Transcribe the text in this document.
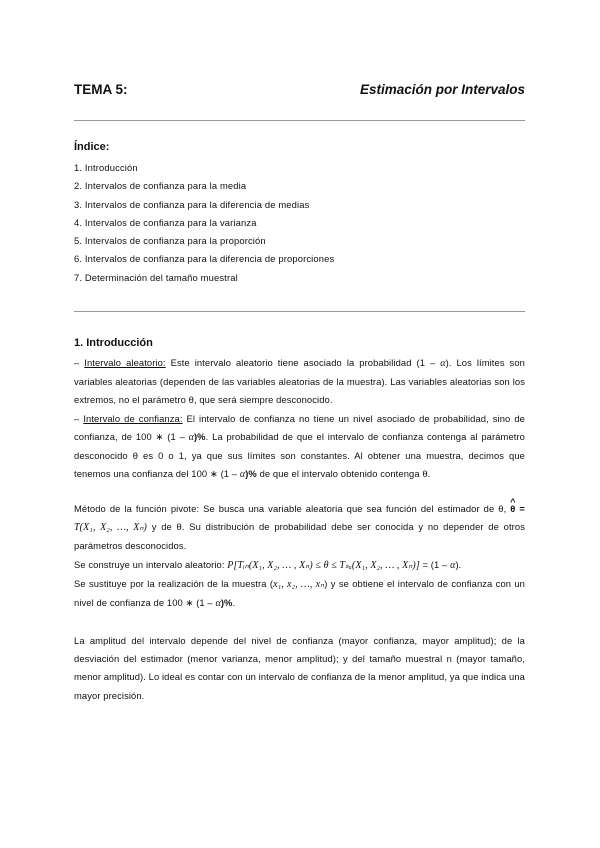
TEMA 5:	Estimación por Intervalos
Índice:
1. Introducción
2. Intervalos de confianza para la media
3. Intervalos de confianza para la diferencia de medias
4. Intervalos de confianza para la varianza
5. Intervalos de confianza para la proporción
6. Intervalos de confianza para la diferencia de proporciones
7. Determinación del tamaño muestral
1. Introducción

– Intervalo aleatorio: Este intervalo aleatorio tiene asociado la probabilidad (1 – α). Los límites son variables aleatorias (dependen de las variables aleatorias de la muestra). Las variables aleatorias son los extremos, no el parámetro θ, que será siempre desconocido.

– Intervalo de confianza: El intervalo de confianza no tiene un nivel asociado de probabilidad, sino de confianza, de 100 ∗ (1 – α)%. La probabilidad de que el intervalo de confianza contenga al parámetro desconocido θ es 0 o 1, ya que sus límites son constantes. Al obtener una muestra, decimos que tenemos una confianza del 100 ∗ (1 – α)% de que el intervalo obtenido contenga θ.

Método de la función pivote: Se busca una variable aleatoria que sea función del estimador de θ, ^ θ = T(X₁, X₂, …, Xₙ) y de θ. Su distribución de probabilidad debe ser conocida y no depender de otros parámetros desconocidos.

Se construye un intervalo aleatorio: P[Tᵢₙ(X₁, X₂, … , Xₙ) ≤ θ ≤ Tₛᵤ(X₁, X₂, … , Xₙ)] = (1 – α).

Se sustituye por la realización de la muestra (x₁, x₂, …, xₙ) y se obtiene el intervalo de confianza con un nivel de confianza de 100 ∗ (1 – α)%.

La amplitud del intervalo depende del nivel de confianza (mayor confianza, mayor amplitud); de la desviación del estimador (menor varianza, menor amplitud); y del tamaño muestral n (mayor tamaño, menor amplitud). Lo ideal es contar con un intervalo de confianza de la menor amplitud, ya que indica una mayor precisión.
